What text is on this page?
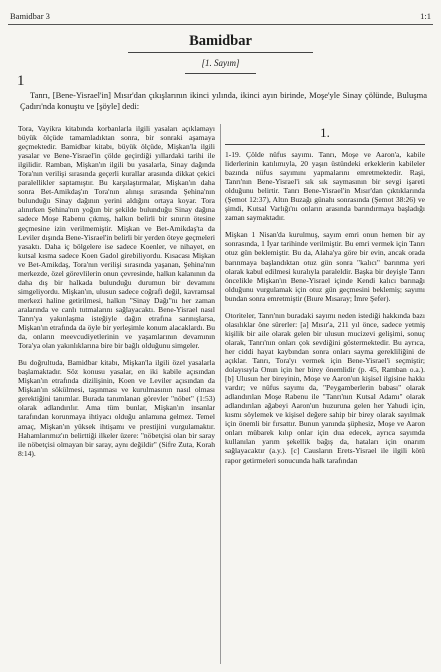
Bamidbar 3	1:1
Bamidbar
[1. Sayım]
1
Tanrı, [Bene-Yisrael'in] Mısır'dan çıkışlarının ikinci yılında, ikinci ayın birinde, Moşe'yle Sinay çölünde, Buluşma Çadırı'nda konuştu ve [şöyle] dedi:

Tora, Vayikra kitabında korbanlarla ilgili yasaları açıklamayı büyük ölçüde tamamladıktan sonra, bir sonraki aşamaya geçmektedir. Bamidbar kitabı, büyük ölçüde, Mişkan'la ilgili yasalar ve Bene-Yisrael'in çölde geçirdiği yıllardaki tarihi ile ilgilidir. Ramban, Mişkan'ın ilgili bu yasalarla, Sinay dağında Tora'nın verilişi sırasında geçerli kurallar arasında dikkat çekici paralellikler saptamıştır. Bu karşılaştırmalar, Mişkan'ın daha sonra Bet-Amikdaş'ın Tora'nın alınışı sırasında Şehina'nın bulunduğu Sinay dağının yerini aldığını ortaya koyar. Tora alınırken Şehina'nın yoğun bir şekilde bulunduğu Sinay dağına sadece Moşe Rabenu çıkmış, halkın belirli bir sınırın ötesine geçmesine izin verilmemiştir. Mişkan ve Bet-Amikdaş'ta da Leviler dışında Bene-Yisrael'in belirli bir yerden öteye geçmeleri yasaktı. Daha iç bölgelere ise sadece Koenler, ve nihayet, en kutsal kısma sadece Koen Gadol girebiliyordu. Kısacası Mişkan ve Bet-Amikdaş, Tora'nın verilişi sırasında yaşanan, Şehina'nın merkezde, özel görevlilerin onun çevresinde, halkın kalanının da daha dış bir halkada bulunduğu durumun bir devamını simgeliyordu. Mişkan'ın, ulusun sadece coğrafi değil, kavramsal merkezi haline getirilmesi, halkın "Sinay Dağı"nı her zaman aralarında ve canlı tutmalarını sağlayacaktı. Bene-Yisrael nasıl Tanrı'ya yakınlaşma isteğiyle dağın etrafına sarınışlarsa, Mişkan'ın etrafında da öyle bir yerleşimle konum alacaklardı. Bu da, onların meevcudiyetlerinin ve yaşamlarının devamının Tora'ya olan yakınlıklarına bire bir bağlı olduğunu simgeler.

Bu doğrultuda, Bamidbar kitabı, Mişkan'la ilgili özel yasalarla başlamaktadır. Söz konusu yasalar, en iki kabile açısından Mişkan'ın etrafında dizilişinin, Koen ve Leviler açısından da Mişkan'ın sökülmesi, taşınması ve kurulmasının nasıl olması gerektiğini tanımlar. Burada tanımlanan görevler "nöbet" (1:53) olarak adlandırılır. Ama tüm bunlar, Mişkan'ın insanlar tarafından korunmaya ihtiyacı olduğu anlamına gelmez. Temel amaç, Mişkan'ın yüksek ihtişamı ve prestijini vurgulamaktır. Hahamlarımız'ın belirttiği ilkeler üzere: "nöbetçisi olan bir saray ile nöbetçisi olmayan bir saray, aynı değildir" (Sifre Zuta, Korah 8:14).

1.

1-19. Çölde nüfus sayımı. Tanrı, Moşe ve Aaron'a, kabile liderlerinin katılımıyla, 20 yaşın üstündeki erkeklerin kabileler bazında nüfus sayımını yapmalarını emretmektedir. Raşi, Tanrı'nın Bene-Yisrael'i sık sık saymasının bir sevgi işareti olduğunu belirtir. Tanrı Bene-Yisrael'in Mısır'dan çıktıklarında (Şemot 12:37), Altın Buzağı günahı sonrasında (Şemot 38:26) ve şimdi, Kutsal Varlığı'nı onların arasında barındırmaya başladığı zaman saymaktadır.

Mişkan 1 Nisan'da kurulmuş, sayım emri onun hemen bir ay sonrasında, 1 İyar tarihinde verilmiştir. Bu emri vermek için Tanrı otuz gün beklemiştir. Bu da, Alaha'ya göre bir evin, ancak orada barınmaya başlandıktan otuz gün sonra "kalıcı" barınma yeri olarak kabul edilmesi kuralıyla paraleldir. Başka bir deyişle Tanrı öncelikle Mişkan'ın Bene-Yisrael içinde Kendi kalıcı barınağı olduğunu vurgulamak için otuz gün geçmesini beklemiş; sayımı bundan sonra emretmiştir (Bıure Mısaray; İmre Şefer).

Otoriteler, Tanrı'nın buradaki sayımı neden istediği hakkında bazı olasılıklar öne sürerler: [a] Mısır'a, 211 yıl önce, sadece yetmiş kişilik bir aile olarak gelen bir ulusun mucizevi gelişimi, sonuç olarak, Tanrı'nın onları çok sevdiğini göstermektedir. Bu ayrıca, her ciddi hayat kaybından sonra onları sayma gerekliliğini de açıklar. Tanrı, Tora'yı vermek için Bene-Yisrael'i seçmiştir; dolayısıyla Onun için her birey önemlidir (p. 45, Ramban o.a.). [b] Ulusun her bireyinin, Moşe ve Aaron'un kişisel ilgisine hakkı vardır; ve nüfus sayımı da, "Peygamberlerin babası" olarak adlandırılan Moşe Rabenu ile "Tanrı'nın Kutsal Adamı" olarak adlandırılan ağabeyi Aaron'un huzuruna gelen her Yahudi için, kısmı söylemek ve kişisel değere sahip bir birey olarak sayılmak için önemli bir fırsattır. Bunun yanında şüphesiz, Moşe ve Aaron onları mübarek kılıp onlar için dua edecek, ayrıca sayımda kullanılan yarım şekellik bağış da, hataları için onarım sağlayacaktır (a.y.). [c] Causların Erets-Yisrael ile ilgili kötü rapor getirmeleri sonucunda halk tarafından
